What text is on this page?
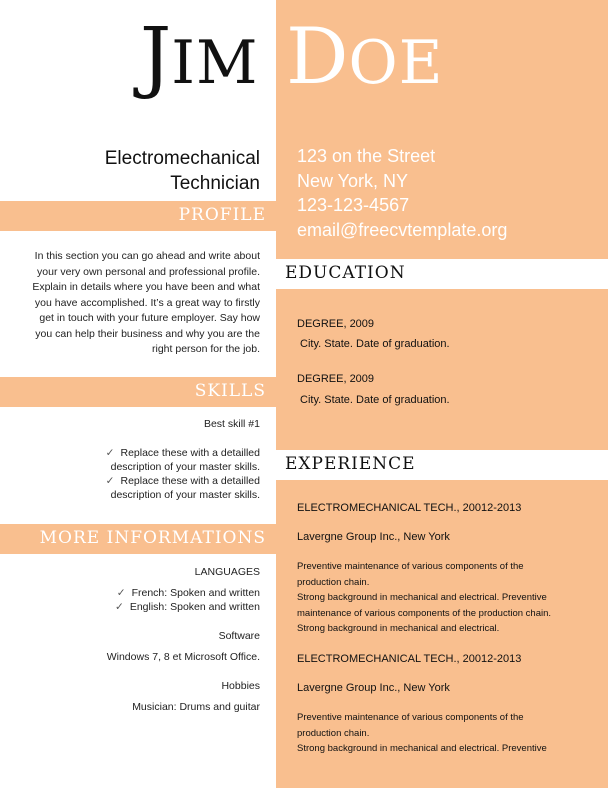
JIM DOE
Electromechanical
Technician
123 on the Street
New York, NY
123-123-4567
email@freecvtemplate.org
PROFILE
In this section you can go ahead and write about your very own personal and professional profile. Explain in details where you have been and what you have accomplished. It’s a great way to firstly get in touch with your future employer. Say how you can help their business and why you are the right person for the job.
SKILLS
Best skill #1
✓ Replace these with a detailled description of your master skills.
✓ Replace these with a detailled description of your master skills.
MORE INFORMATIONS
LANGUAGES
✓ French: Spoken and written
✓ English: Spoken and written
Software
Windows 7, 8 et Microsoft Office.
Hobbies
Musician: Drums and guitar
EDUCATION
DEGREE, 2009
City. State. Date of graduation.
DEGREE, 2009
City. State. Date of graduation.
EXPERIENCE
ELECTROMECHANICAL TECH., 20012-2013
Lavergne Group Inc., New York
Preventive maintenance of various components of the
production chain.
Strong background in mechanical and electrical. Preventive
maintenance of various components of the production chain.
Strong background in mechanical and electrical.
ELECTROMECHANICAL TECH., 20012-2013
Lavergne Group Inc., New York
Preventive maintenance of various components of the
production chain.
Strong background in mechanical and electrical. Preventive
